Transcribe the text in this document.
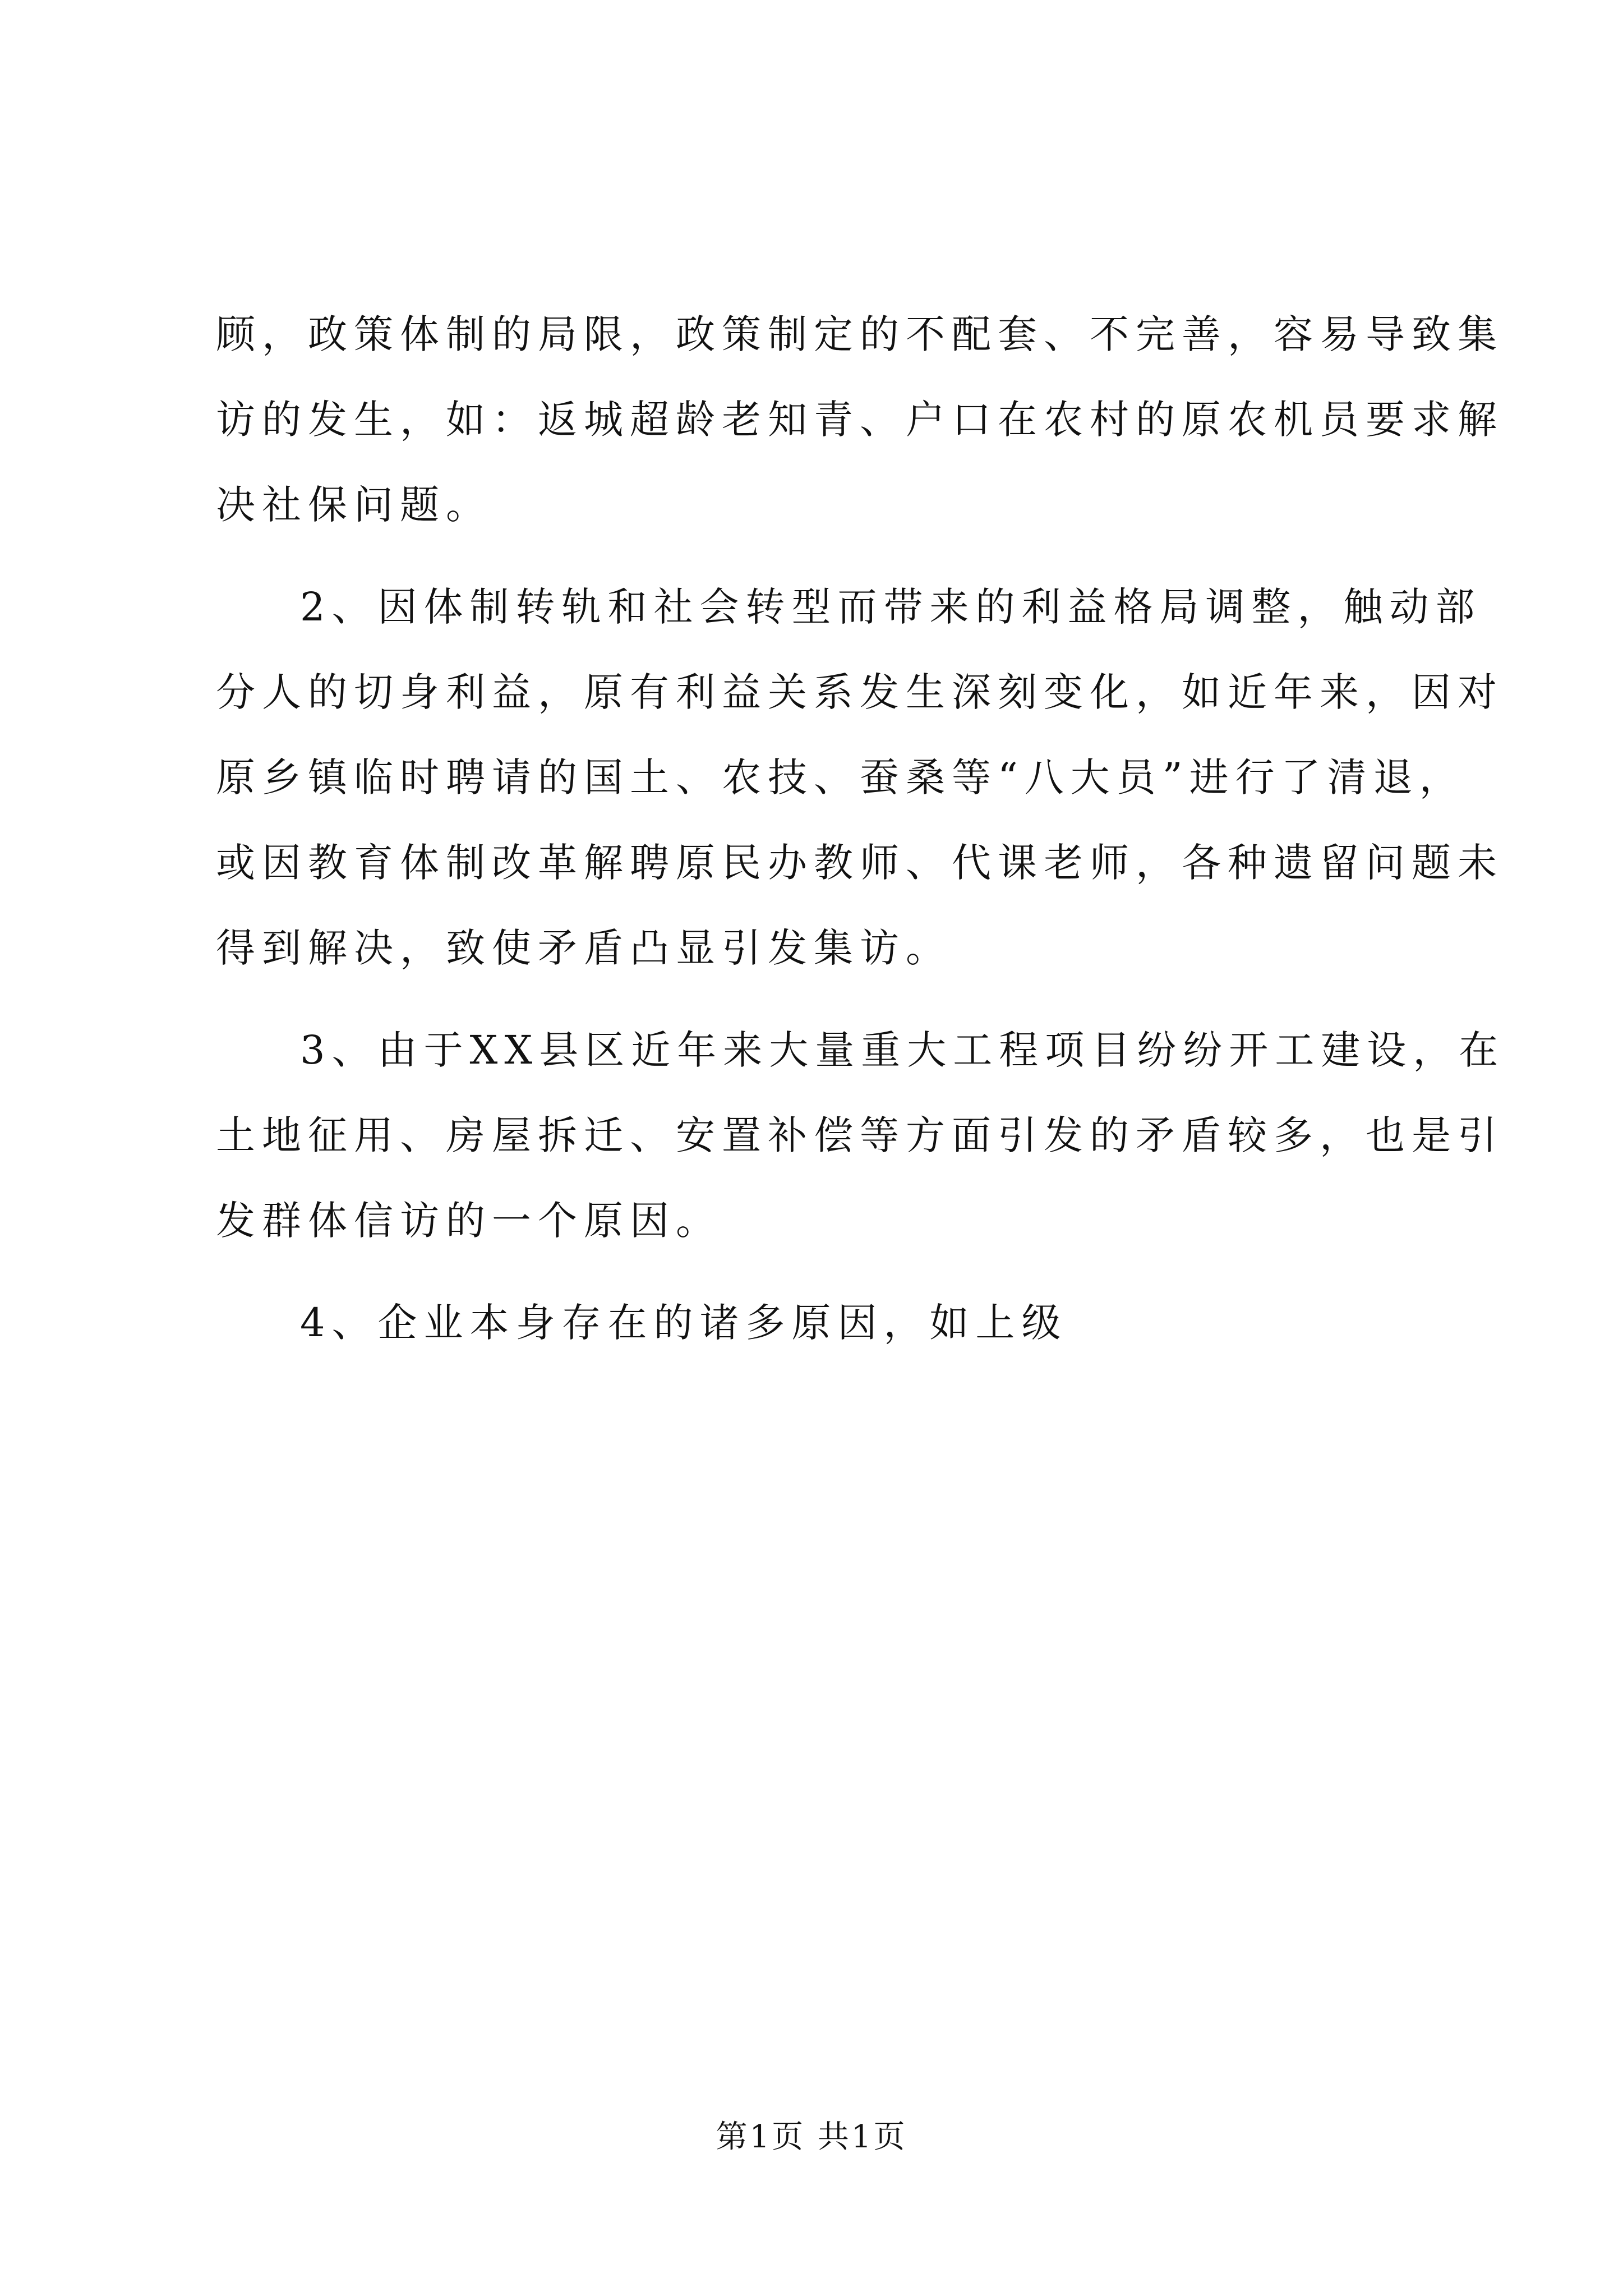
顾，政策体制的局限，政策制定的不配套、不完善，容易导致集
访的发生，如：返城超龄老知青、户口在农村的原农机员要求解
决社保问题。
2、因体制转轨和社会转型而带来的利益格局调整，触动部
分人的切身利益，原有利益关系发生深刻变化，如近年来，因对
原乡镇临时聘请的国土、农技、蚕桑等“八大员”进行了清退，
或因教育体制改革解聘原民办教师、代课老师，各种遗留问题未
得到解决，致使矛盾凸显引发集访。
3、由于XX县区近年来大量重大工程项目纷纷开工建设，在
土地征用、房屋拆迁、安置补偿等方面引发的矛盾较多，也是引
发群体信访的一个原因。
4、企业本身存在的诸多原因，如上级
第1页 共1页
